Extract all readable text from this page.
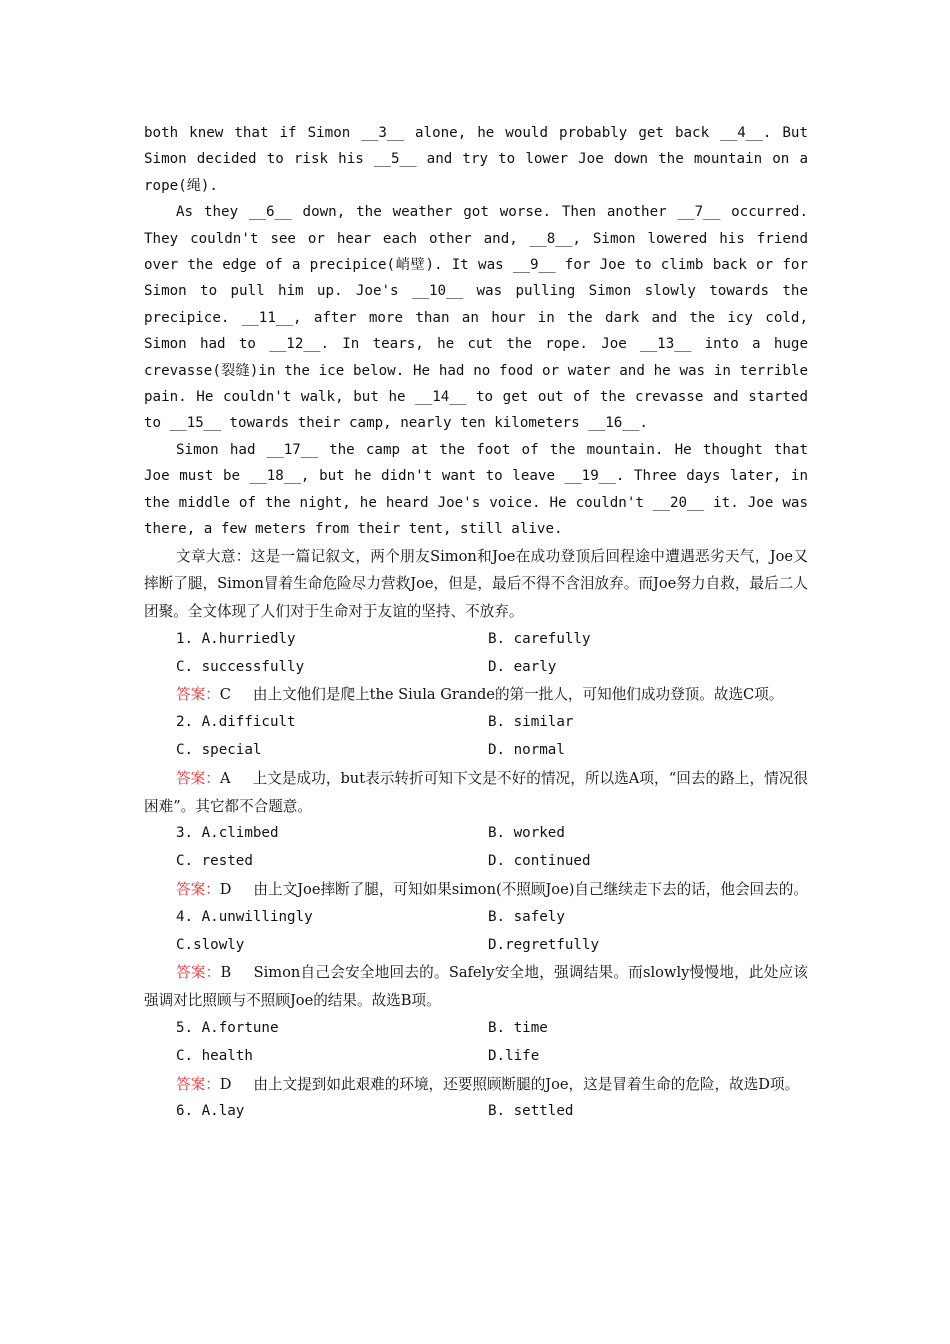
both knew that if Simon __3__ alone, he would probably get back __4__. But Simon decided to risk his __5__ and try to lower Joe down the mountain on a rope(绳).

As they __6__ down, the weather got worse. Then another __7__ occurred. They couldn't see or hear each other and, __8__, Simon lowered his friend over the edge of a precipice(峭壁). It was __9__ for Joe to climb back or for Simon to pull him up. Joe's __10__ was pulling Simon slowly towards the precipice. __11__, after more than an hour in the dark and the icy cold, Simon had to __12__. In tears, he cut the rope. Joe __13__ into a huge crevasse(裂缝)in the ice below. He had no food or water and he was in terrible pain. He couldn't walk, but he __14__ to get out of the crevasse and started to __15__ towards their camp, nearly ten kilometers __16__.

Simon had __17__ the camp at the foot of the mountain. He thought that Joe must be __18__, but he didn't want to leave __19__. Three days later, in the middle of the night, he heard Joe's voice. He couldn't __20__ it. Joe was there, a few meters from their tent, still alive.

文章大意：这是一篇记叙文，两个朋友Simon和Joe在成功登顶后回程途中遭遇恶劣天气，Joe又摔断了腿，Simon冒着生命危险尽力营救Joe，但是，最后不得不含泪放弃。而Joe努力自救，最后二人团聚。全文体现了人们对于生命对于友谊的坚持、不放弃。

1. A.hurriedly	B. carefully
C. successfully	D. early

答案：C　  由上文他们是爬上the Siula Grande的第一批人，可知他们成功登顶。故选C项。

2. A.difficult	B. similar
C. special	D. normal

答案：A　  上文是成功，but表示转折可知下文是不好的情况，所以选A项，“回去的路上，情况很困难”。其它都不合题意。

3. A.climbed	B. worked
C. rested	D. continued

答案：D　  由上文Joe摔断了腿，可知如果simon(不照顾Joe)自己继续走下去的话，他会回去的。

4. A.unwillingly	B. safely
C.slowly	D.regretfully

答案：B　  Simon自己会安全地回去的。Safely安全地，强调结果。而slowly慢慢地，此处应该强调对比照顾与不照顾Joe的结果。故选B项。

5. A.fortune	B. time
C. health	D.life

答案：D　  由上文提到如此艰难的环境，还要照顾断腿的Joe，这是冒着生命的危险，故选D项。

6. A.lay	B. settled
